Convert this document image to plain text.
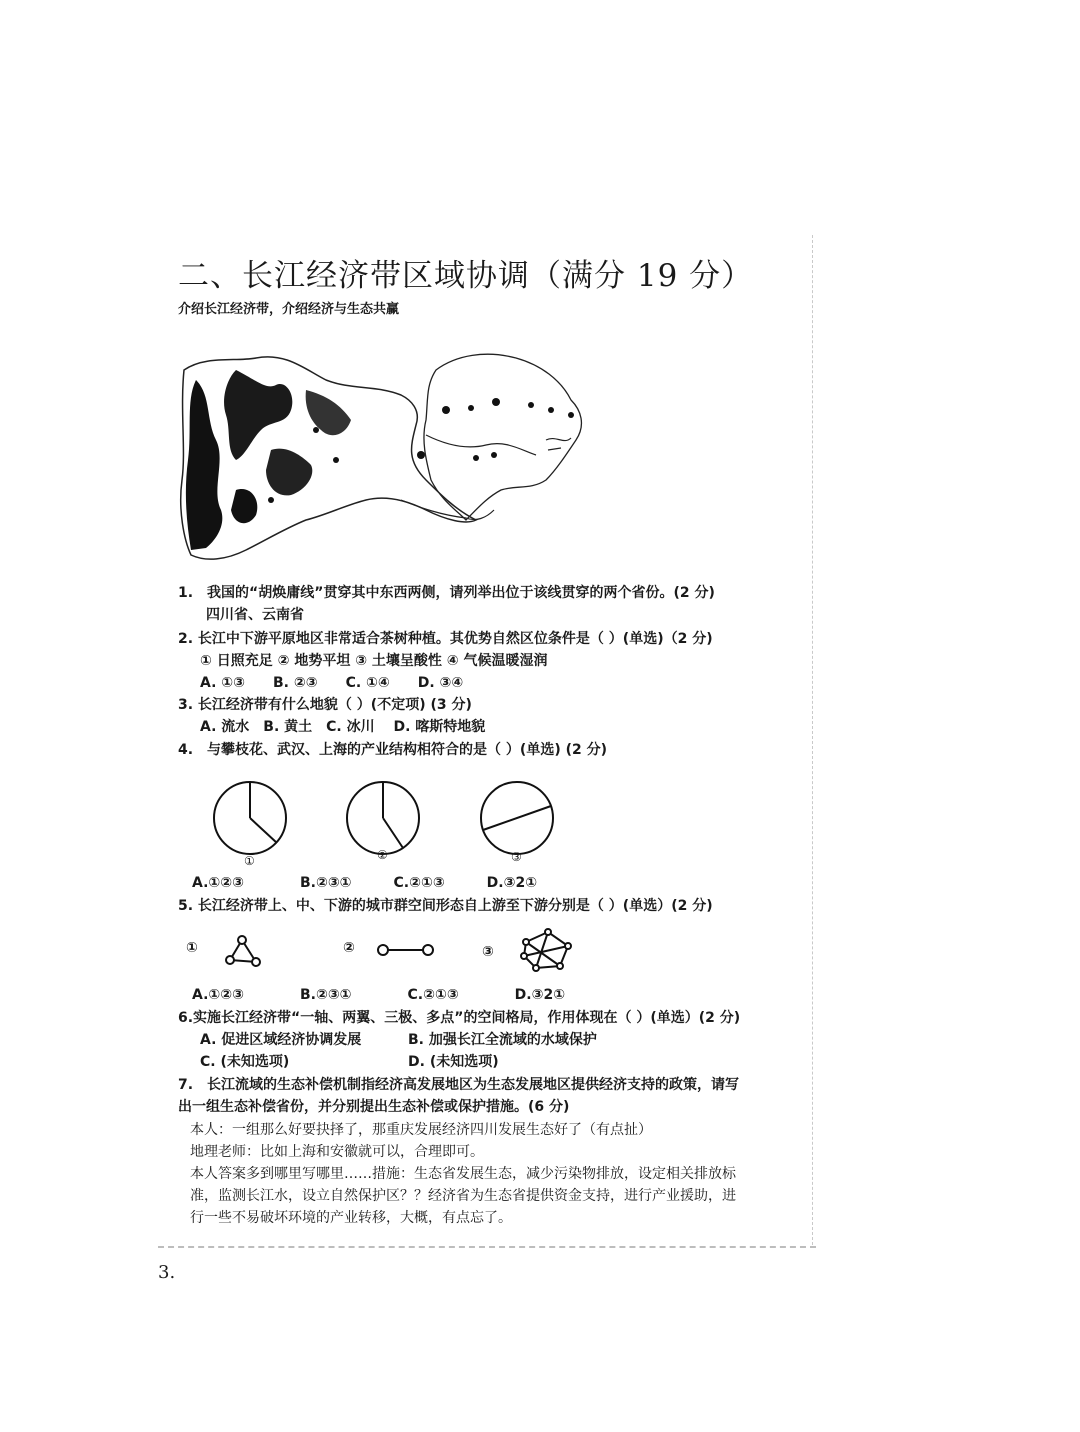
二、长江经济带区域协调（满分 19 分）
介绍长江经济带，介绍经济与生态共赢
1.　我国的“胡焕庸线”贯穿其中东西两侧，请列举出位于该线贯穿的两个省份。(2 分)
四川省、云南省
2. 长江中下游平原地区非常适合茶树种植。其优势自然区位条件是（ ）(单选)（2 分)
① 日照充足 ② 地势平坦 ③ 土壤呈酸性 ④ 气候温暖湿润
A. ①③　　B. ②③　　C. ①④　　D. ③④
3. 长江经济带有什么地貌（ ）(不定项) (3 分)
A. 流水　B. 黄土　C. 冰川　 D. 喀斯特地貌
4.　与攀枝花、武汉、上海的产业结构相符合的是（ ）(单选) (2 分)
①	②	③
A.①②③　　　　B.②③①　　　C.②①③　　　D.③2①
5. 长江经济带上、中、下游的城市群空间形态自上游至下游分别是（ ）(单选）(2 分)
①	②	③
A.①②③　　　　B.②③①　　　　C.②①③　　　　D.③2①
6.实施长江经济带“一轴、两翼、三极、多点”的空间格局，作用体现在（ ）(单选）(2 分)
A. 促进区域经济协调发展	B. 加强长江全流域的水域保护
C. (未知选项)	D. (未知选项)
7.　长江流域的生态补偿机制指经济高发展地区为生态发展地区提供经济支持的政策，请写
出一组生态补偿省份，并分别提出生态补偿或保护措施。(6 分)
本人：一组那么好要抉择了，那重庆发展经济四川发展生态好了（有点扯）
地理老师：比如上海和安徽就可以，合理即可。
本人答案多到哪里写哪里……措施：生态省发展生态，减少污染物排放，设定相关排放标
准，监测长江水，设立自然保护区？？经济省为生态省提供资金支持，进行产业援助，进
行一些不易破坏环境的产业转移，大概，有点忘了。
3.
